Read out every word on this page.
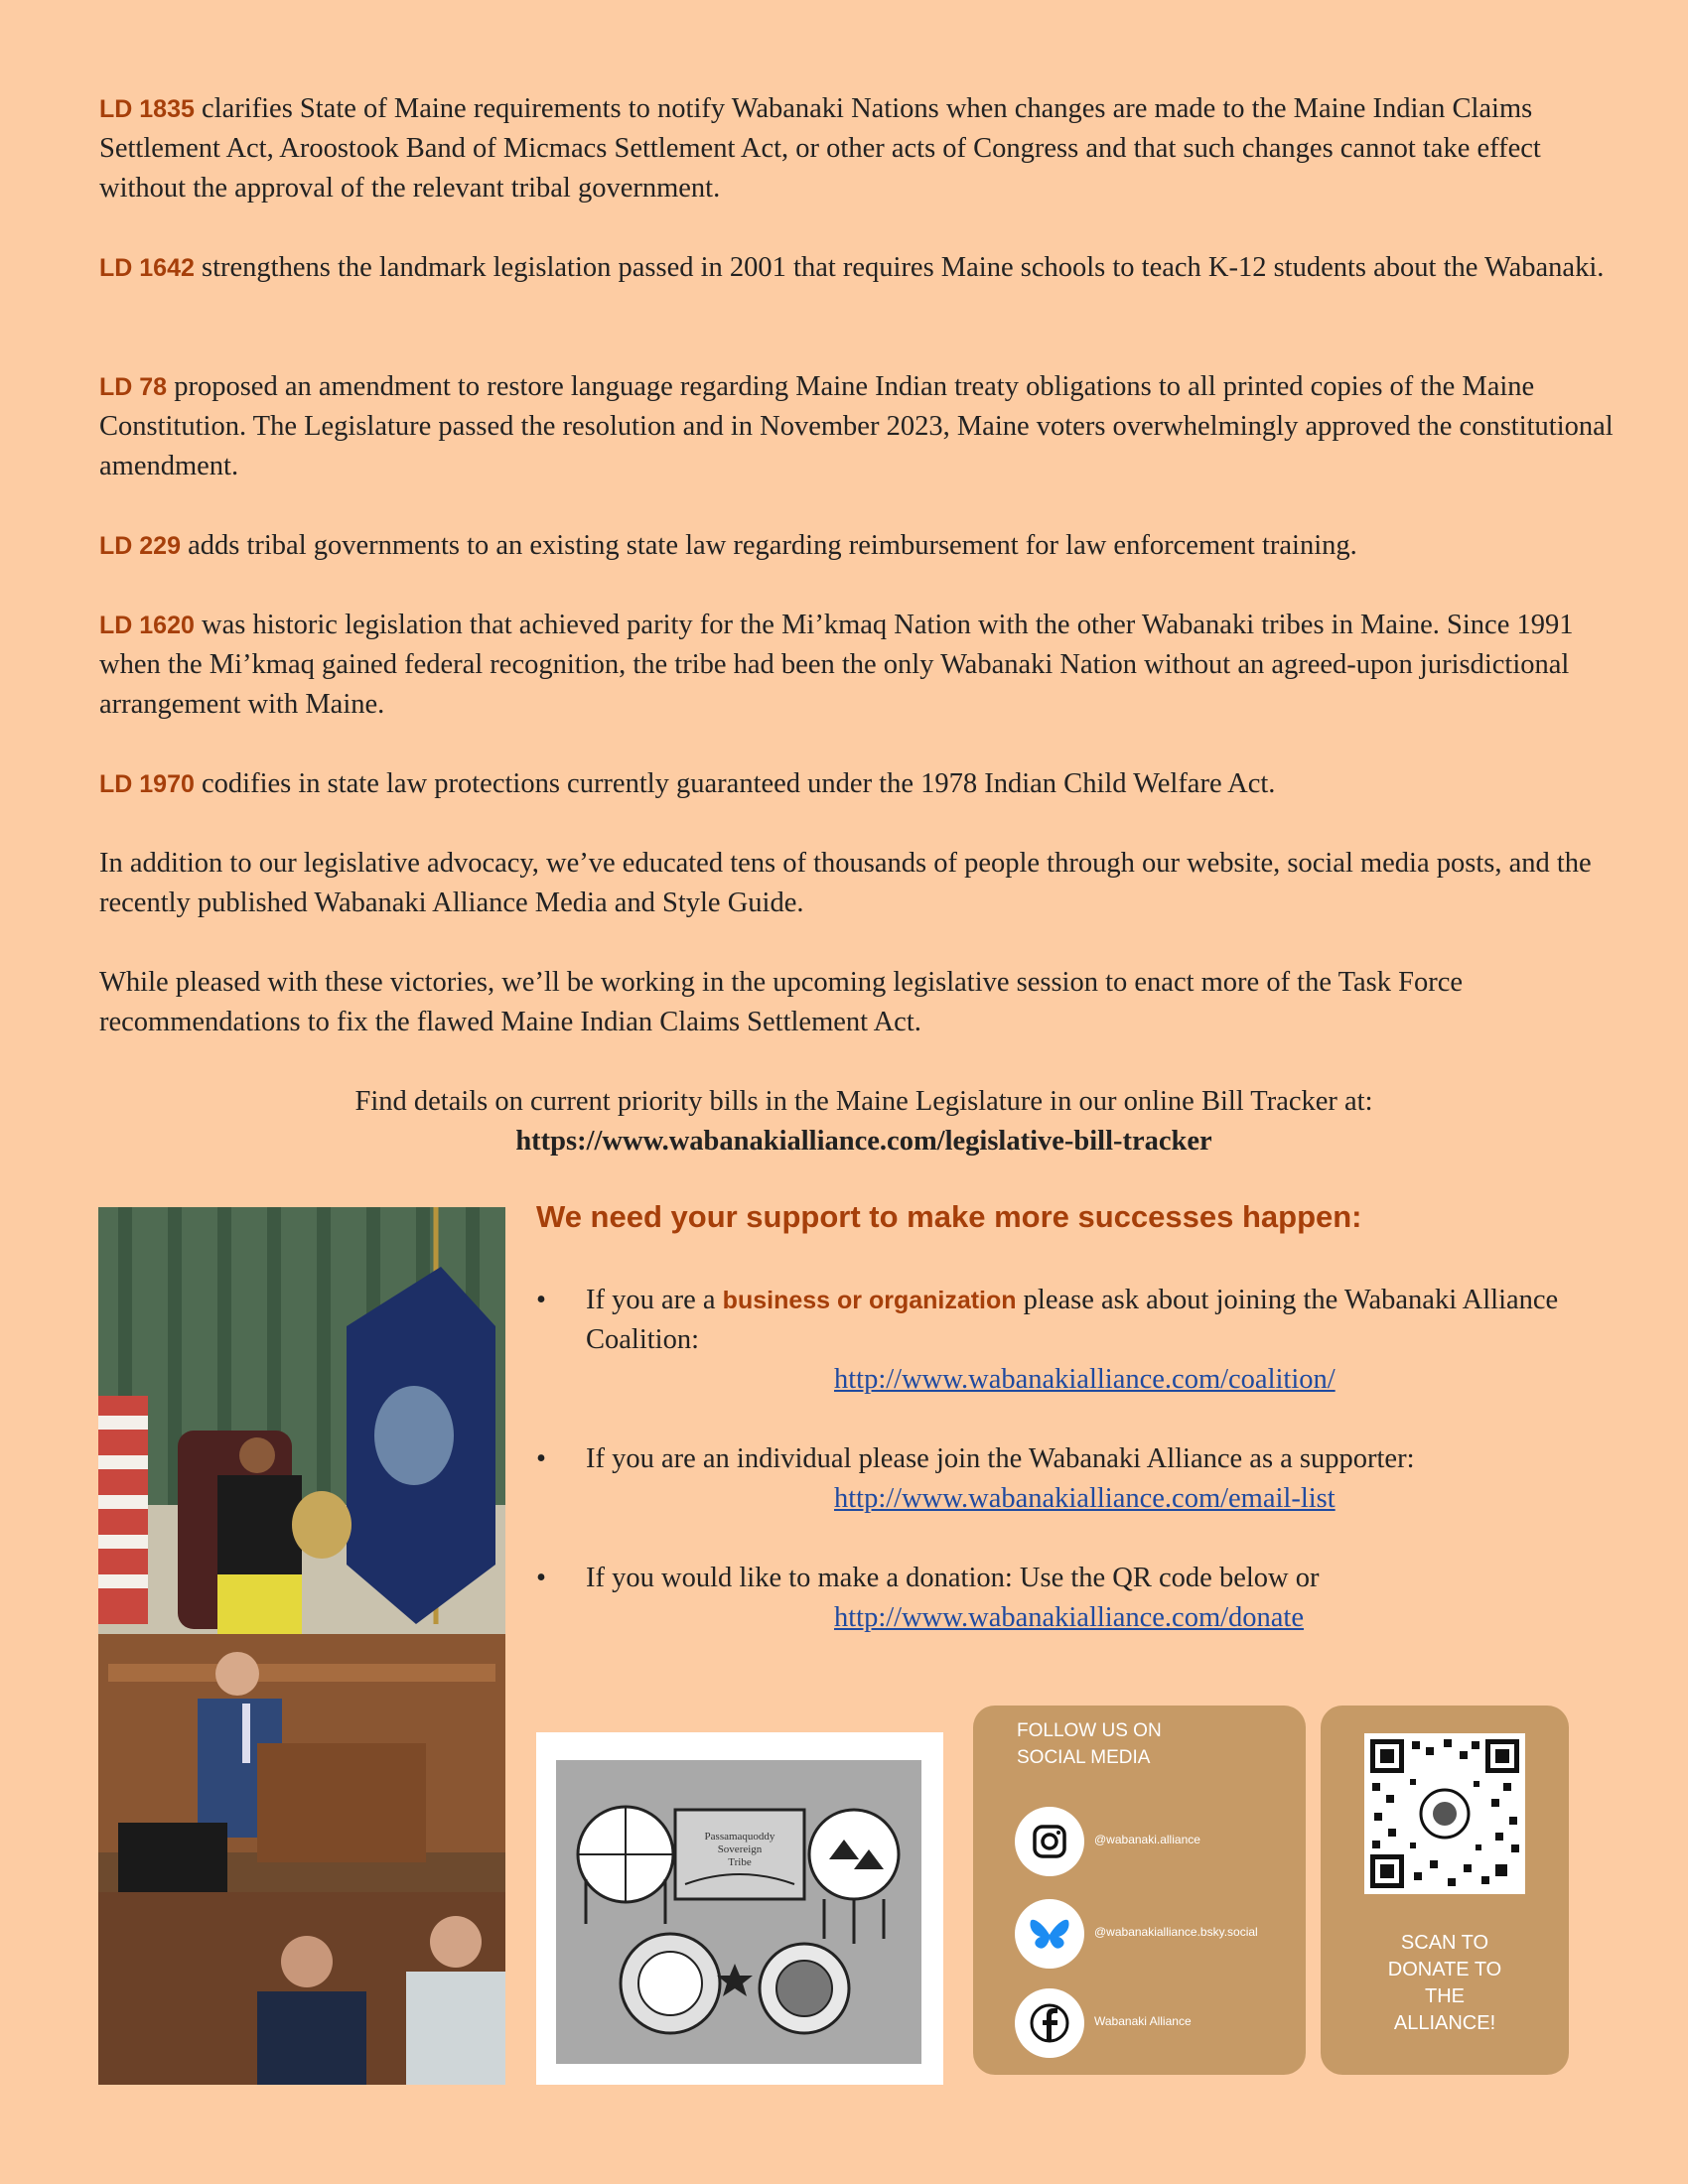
LD 1835 clarifies State of Maine requirements to notify Wabanaki Nations when changes are made to the Maine Indian Claims Settlement Act, Aroostook Band of Micmacs Settlement Act, or other acts of Congress and that such changes cannot take effect without the approval of the relevant tribal government.

LD 1642 strengthens the landmark legislation passed in 2001 that requires Maine schools to teach K-12 students about the Wabanaki.

LD 78 proposed an amendment to restore language regarding Maine Indian treaty obligations to all printed copies of the Maine Constitution. The Legislature passed the resolution and in November 2023, Maine voters overwhelmingly approved the constitutional amendment.

LD 229 adds tribal governments to an existing state law regarding reimbursement for law enforcement training.

LD 1620 was historic legislation that achieved parity for the Mi’kmaq Nation with the other Wabanaki tribes in Maine. Since 1991 when the Mi’kmaq gained federal recognition, the tribe had been the only Wabanaki Nation without an agreed-upon jurisdictional arrangement with Maine.

LD 1970 codifies in state law protections currently guaranteed under the 1978 Indian Child Welfare Act.

In addition to our legislative advocacy, we’ve educated tens of thousands of people through our website, social media posts, and the recently published Wabanaki Alliance Media and Style Guide.

While pleased with these victories, we’ll be working in the upcoming legislative session to enact more of the Task Force recommendations to fix the flawed Maine Indian Claims Settlement Act.

Find details on current priority bills in the Maine Legislature in our online Bill Tracker at:

https://www.wabanakialliance.com/legislative-bill-tracker

We need your support to make more successes happen:

• If you are a business or organization please ask about joining the Wabanaki Alliance Coalition:
http://www.wabanakialliance.com/coalition/
• If you are an individual please join the Wabanaki Alliance as a supporter:
http://www.wabanakialliance.com/email-list
• If you would like to make a donation: Use the QR code below or
http://www.wabanakialliance.com/donate
Passamaquoddy
Sovereign
Tribe
FOLLOW US ON
SOCIAL MEDIA
@wabanaki.alliance
@wabanakialliance.bsky.social
Wabanaki Alliance
SCAN TO
DONATE TO
THE
ALLIANCE!
